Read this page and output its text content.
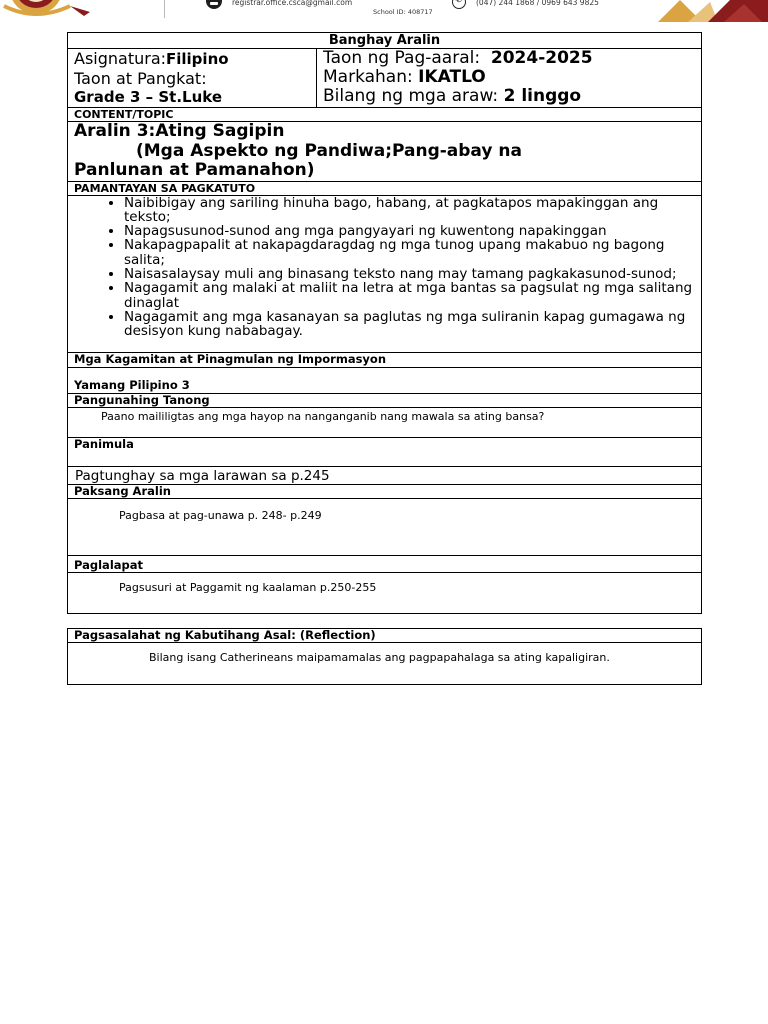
registrar.office.csca@gmail.com
✆	(047) 244 1868 / 0969 643 9825
School ID: 408717
Banghay Aralin

Asignatura:Filipino
Taon at Pangkat:
Grade 3 – St.Luke

Taon ng Pag-aaral: 2024-2025
Markahan: IKATLO
Bilang ng mga araw: 2 linggo

CONTENT/TOPIC

Aralin 3:Ating Sagipin
(Mga Aspekto ng Pandiwa;Pang-abay na
Panlunan at Pamanahon)

PAMANTAYAN SA PAGKATUTO

• Naibibigay ang sariling hinuha bago, habang, at pagkatapos mapakinggan ang teksto;
• Napagsusunod-sunod ang mga pangyayari ng kuwentong napakinggan
• Nakapagpapalit at nakapagdaragdag ng mga tunog upang makabuo ng bagong salita;
• Naisasalaysay muli ang binasang teksto nang may tamang pagkakasunod-sunod;
• Nagagamit ang malaki at maliit na letra at mga bantas sa pagsulat ng mga salitang dinaglat
• Nagagamit ang mga kasanayan sa paglutas ng mga suliranin kapag gumagawa ng desisyon kung nababagay.

Mga Kagamitan at Pinagmulan ng Impormasyon
Yamang Pilipino 3
Pangunahing Tanong
Paano maililigtas ang mga hayop na nanganganib nang mawala sa ating bansa?
Panimula
Pagtunghay sa mga larawan sa p.245
Paksang Aralin
Pagbasa at pag-unawa p. 248- p.249
Paglalapat
Pagsusuri at Paggamit ng kaalaman p.250-255

Pagsasalahat ng Kabutihang Asal: (Reflection)
Bilang isang Catherineans maipamamalas ang pagpapahalaga sa ating kapaligiran.
